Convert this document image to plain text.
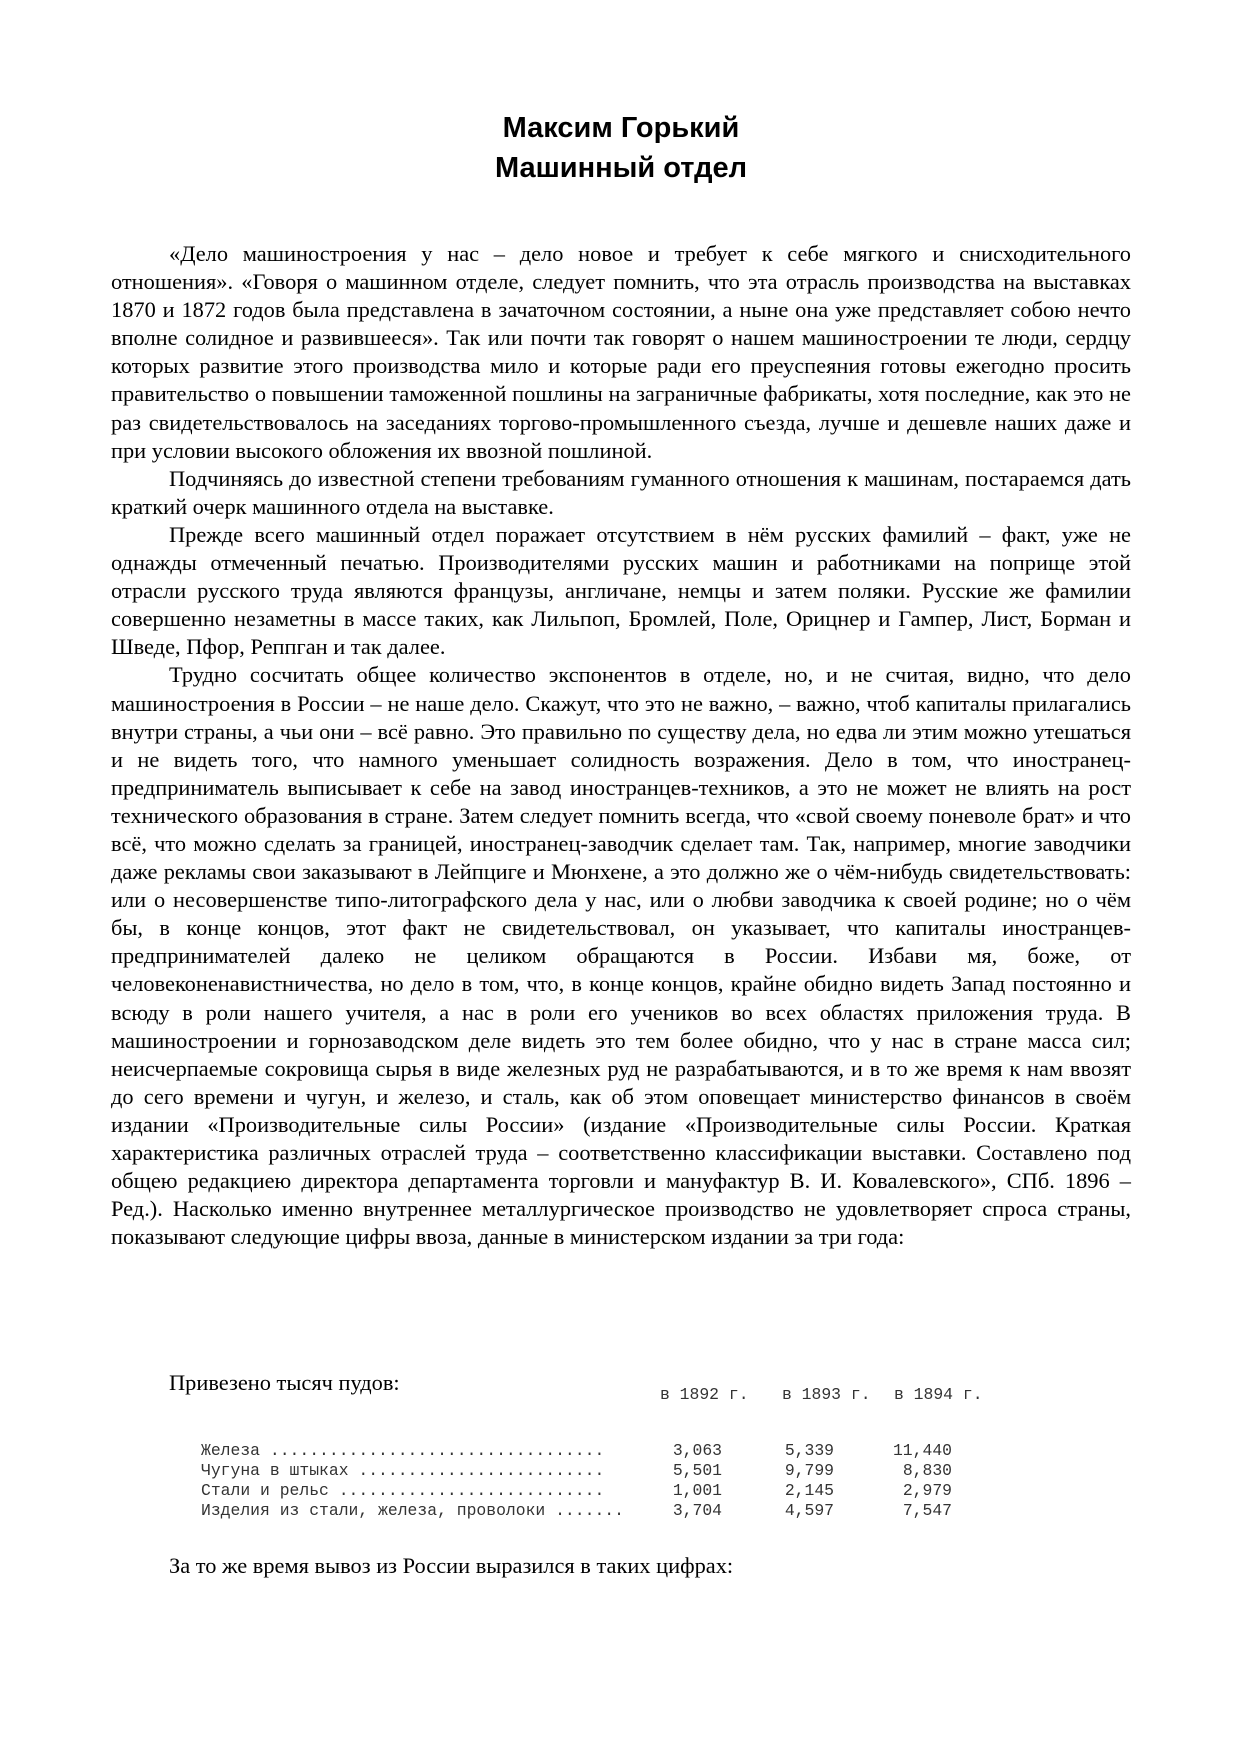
Максим Горький
Машинный отдел

«Дело машиностроения у нас – дело новое и требует к себе мягкого и снисходительного отношения». «Говоря о машинном отделе, следует помнить, что эта отрасль производства на выставках 1870 и 1872 годов была представлена в зачаточном состоянии, а ныне она уже представляет собою нечто вполне солидное и развившееся». Так или почти так говорят о нашем машиностроении те люди, сердцу которых развитие этого производства мило и которые ради его преуспеяния готовы ежегодно просить правительство о повышении таможенной пошлины на заграничные фабрикаты, хотя последние, как это не раз свидетельствовалось на заседаниях торгово-промышленного съезда, лучше и дешевле наших даже и при условии высокого обложения их ввозной пошлиной.

Подчиняясь до известной степени требованиям гуманного отношения к машинам, постараемся дать краткий очерк машинного отдела на выставке.

Прежде всего машинный отдел поражает отсутствием в нём русских фамилий – факт, уже не однажды отмеченный печатью. Производителями русских машин и работниками на поприще этой отрасли русского труда являются французы, англичане, немцы и затем поляки. Русские же фамилии совершенно незаметны в массе таких, как Лильпоп, Бромлей, Поле, Орицнер и Гампер, Лист, Борман и Шведе, Пфор, Реппган и так далее.

Трудно сосчитать общее количество экспонентов в отделе, но, и не считая, видно, что дело машиностроения в России – не наше дело. Скажут, что это не важно, – важно, чтоб капиталы прилагались внутри страны, а чьи они – всё равно. Это правильно по существу дела, но едва ли этим можно утешаться и не видеть того, что намного уменьшает солидность возражения. Дело в том, что иностранец-предприниматель выписывает к себе на завод иностранцев-техников, а это не может не влиять на рост технического образования в стране. Затем следует помнить всегда, что «свой своему поневоле брат» и что всё, что можно сделать за границей, иностранец-заводчик сделает там. Так, например, многие заводчики даже рекламы свои заказывают в Лейпциге и Мюнхене, а это должно же о чём-нибудь свидетельствовать: или о несовершенстве типо-литографского дела у нас, или о любви заводчика к своей родине; но о чём бы, в конце концов, этот факт не свидетельствовал, он указывает, что капиталы иностранцев-предпринимателей далеко не целиком обращаются в России. Избави мя, боже, от человеконенавистничества, но дело в том, что, в конце концов, крайне обидно видеть Запад постоянно и всюду в роли нашего учителя, а нас в роли его учеников во всех областях приложения труда. В машиностроении и горнозаводском деле видеть это тем более обидно, что у нас в стране масса сил; неисчерпаемые сокровища сырья в виде железных руд не разрабатываются, и в то же время к нам ввозят до сего времени и чугун, и железо, и сталь, как об этом оповещает министерство финансов в своём издании «Производительные силы России» (издание «Производительные силы России. Краткая характеристика различных отраслей труда – соответственно классификации выставки. Составлено под общею редакциею директора департамента торговли и мануфактур В. И. Ковалевского», СПб. 1896 – Ред.). Насколько именно внутреннее металлургическое производство не удовлетворяет спроса страны, показывают следующие цифры ввоза, данные в министерском издании за три года:

Привезено тысяч пудов:	в 1892 г. в 1893 г. в 1894 г.
Железа ..................................	3,063	5,339	11,440
Чугуна в штыках .........................	5,501	9,799	8,830
Стали и рельс ...........................	1,001	2,145	2,979
Изделия из стали, железа, проволоки .......	3,704	4,597	7,547
За то же время вывоз из России выразился в таких цифрах:
